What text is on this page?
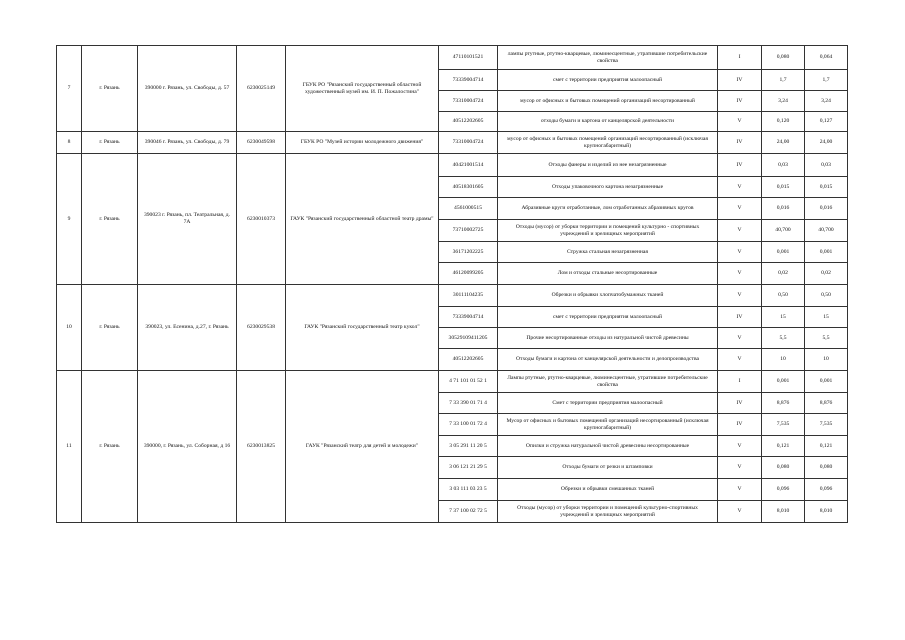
7	г. Рязань	390000 г. Рязань, ул. Свободы, д. 57	6230025149	ГБУК РО "Рязанский государственный областной художественный музей им. И. П. Пожалостина"	47110101521	лампы ртутные, ртутно-кварцевые, люминесцентные, утратившие потребительские свойства	I	0,080	0,064
					73339004714	смет с территории предприятия малоопасный	IV	1,7	1,7
					73310004724	мусор от офисных и бытовых помещений организаций несортированный	IV	3,24	3,24
					40512202605	отходы бумаги и картона от канцелярской деятельности	V	0,120	0,127
8	г. Рязань	390046 г. Рязань, ул. Свободы, д. 79	6230049598	ГБУК РО "Музей истории молодежного движения"	73310004724	мусор от офисных и бытовых помещений организаций несортированный (исключая крупногабаритный)	IV	24,00	24,00
9	г. Рязань	390023 г. Рязань, пл. Театральная, д. 7А	6230010373	ГАУК "Рязанский государственный областной театр драмы"	40421001514	Отходы фанеры и изделий из нее незагрязненные	IV	0,03	0,03
					40518301605	Отходы упаковочного картона незагрязненные	V	0,015	0,015
					4561000515	Абразивные круги отработанные, лом отработанных абразивных кругов	V	0,016	0,016
					73710002725	Отходы (мусор) от уборки территории и помещений культурно - спортивных учреждений и зрелищных мероприятий	V	40,700	40,700
					36171202225	Стружка стальная незагрязненная	V	0,001	0,001
					46120099205	Лом и отходы стальные несортированные	V	0,02	0,02
10	г. Рязань	390023, ул. Есенина, д.27, г. Рязань	6230029538	ГАУК "Рязанский государственный театр кукол"	30111104235	Обрезки и обрывки хлопчатобумажных тканей	V	0,50	0,50
					73339004714	смет с территории предприятия малоопасный	IV	15	15
					30529109411205	Прочие несортированные отходы из натуральной чистой древесины	V	5,5	5,5
					40512202605	Отходы бумаги и картона от канцелярской деятельности и делопроизводства	V	10	10
11	г. Рязань	390000, г. Рязань, ул. Соборная, д 16	6230013825	ГАУК "Рязанский театр для детей и молодежи"	4 71 101 01 52 1	Лампы ртутные, ртутно-кварцевые, люминесцентные, утратившие потребительские свойства	I	0,001	0,001
					7 33 390 01 71 4	Смет с территории предприятия малоопасный	IV	8,876	8,876
					7 33 100 01 72 4	Мусор от офисных и бытовых помещений организаций несортированный (исключая крупногабаритный)	IV	7,535	7,535
					3 05 291 11 20 5	Опилки и стружка натуральной чистой древесины несортированные	V	0,121	0,121
					3 06 121 21 29 5	Отходы бумаги от резки и штамповки	V	0,080	0,080
					3 03 111 03 23 5	Обрезки и обрывки смешанных тканей	V	0,096	0,096
					7 37 100 02 72 5	Отходы (мусор) от уборки территории и помещений культурно-спортивных учреждений и зрелищных мероприятий	V	8,010	8,010
